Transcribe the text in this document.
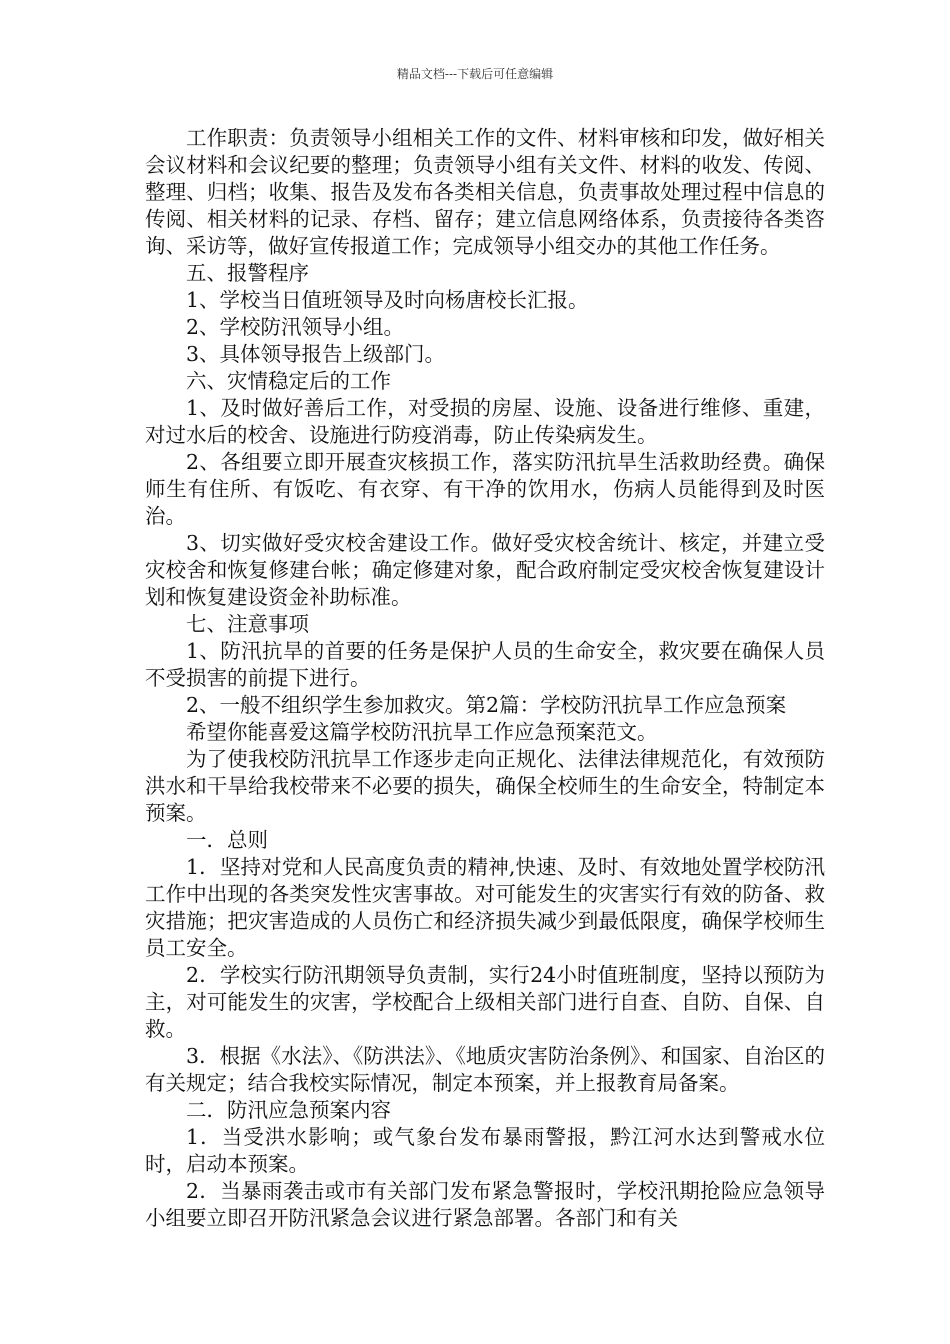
精品文档---下载后可任意编辑

工作职责：负责领导小组相关工作的文件、材料审核和印发，做好相关会议材料和会议纪要的整理；负责领导小组有关文件、材料的收发、传阅、整理、归档；收集、报告及发布各类相关信息，负责事故处理过程中信息的传阅、相关材料的记录、存档、留存；建立信息网络体系，负责接待各类咨询、采访等，做好宣传报道工作；完成领导小组交办的其他工作任务。

五、报警程序

1、学校当日值班领导及时向杨唐校长汇报。

2、学校防汛领导小组。

3、具体领导报告上级部门。

六、灾情稳定后的工作

1、及时做好善后工作，对受损的房屋、设施、设备进行维修、重建，对过水后的校舍、设施进行防疫消毒，防止传染病发生。

2、各组要立即开展查灾核损工作，落实防汛抗旱生活救助经费。确保师生有住所、有饭吃、有衣穿、有干净的饮用水，伤病人员能得到及时医治。

3、切实做好受灾校舍建设工作。做好受灾校舍统计、核定，并建立受灾校舍和恢复修建台帐；确定修建对象，配合政府制定受灾校舍恢复建设计划和恢复建设资金补助标准。

七、注意事项

1、防汛抗旱的首要的任务是保护人员的生命安全，救灾要在确保人员不受损害的前提下进行。

2、一般不组织学生参加救灾。第2篇：学校防汛抗旱工作应急预案

希望你能喜爱这篇学校防汛抗旱工作应急预案范文。

为了使我校防汛抗旱工作逐步走向正规化、法律法律规范化，有效预防洪水和干旱给我校带来不必要的损失，确保全校师生的生命安全，特制定本预案。

一．总则

1．坚持对党和人民高度负责的精神,快速、及时、有效地处置学校防汛工作中出现的各类突发性灾害事故。对可能发生的灾害实行有效的防备、救灾措施；把灾害造成的人员伤亡和经济损失减少到最低限度，确保学校师生员工安全。

2．学校实行防汛期领导负责制，实行24小时值班制度，坚持以预防为主，对可能发生的灾害，学校配合上级相关部门进行自查、自防、自保、自救。

3．根据《水法》、《防洪法》、《地质灾害防治条例》、和国家、自治区的有关规定；结合我校实际情况，制定本预案，并上报教育局备案。

二．防汛应急预案内容

1．当受洪水影响；或气象台发布暴雨警报，黔江河水达到警戒水位时，启动本预案。

2．当暴雨袭击或市有关部门发布紧急警报时，学校汛期抢险应急领导小组要立即召开防汛紧急会议进行紧急部署。各部门和有关
